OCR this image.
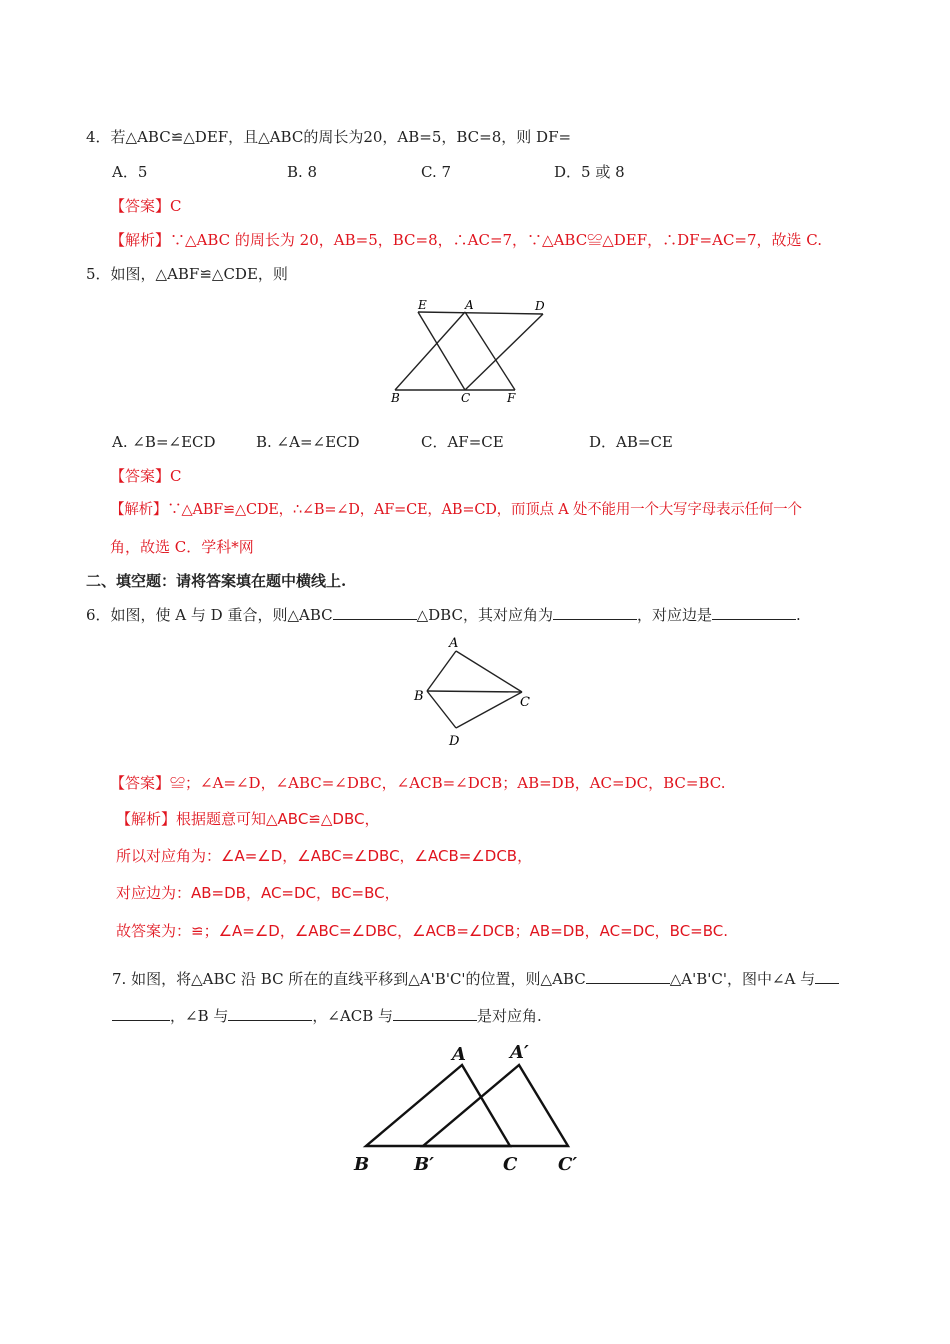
4．若△ABC≌△DEF，且△ABC的周长为20，AB=5，BC=8，则 DF=
A．5	B. 8	C. 7	D．5 或 8
【答案】C
【解析】∵△ABC 的周长为 20，AB=5，BC=8，∴AC=7，∵△ABC≌△DEF，∴DF=AC=7，故选 C.
5．如图，△ABF≌△CDE，则
E	A	D
B	C	F
A. ∠B=∠ECD	B. ∠A=∠ECD	C．AF=CE	D．AB=CE
【答案】C
【解析】∵△ABF≌△CDE，∴∠B=∠D，AF=CE，AB=CD，而顶点 A 处不能用一个大写字母表示任何一个
角，故选 C．学科*网
二、填空题：请将答案填在题中横线上.
6．如图，使 A 与 D 重合，则△ABC	△DBC，其对应角为	，对应边是	.
A
B	C
D
【答案】≌；∠A=∠D，∠ABC=∠DBC，∠ACB=∠DCB；AB=DB，AC=DC，BC=BC.
【解析】根据题意可知△ABC≌△DBC，
所以对应角为：∠A=∠D，∠ABC=∠DBC，∠ACB=∠DCB，
对应边为：AB=DB，AC=DC，BC=BC，
故答案为：≌；∠A=∠D，∠ABC=∠DBC，∠ACB=∠DCB；AB=DB，AC=DC，BC=BC.
7. 如图，将△ABC 沿 BC 所在的直线平移到△A'B'C'的位置，则△ABC	△A'B'C'，图中∠A 与
，∠B 与	，∠ACB 与	是对应角.
A A′
B B′	C C′
